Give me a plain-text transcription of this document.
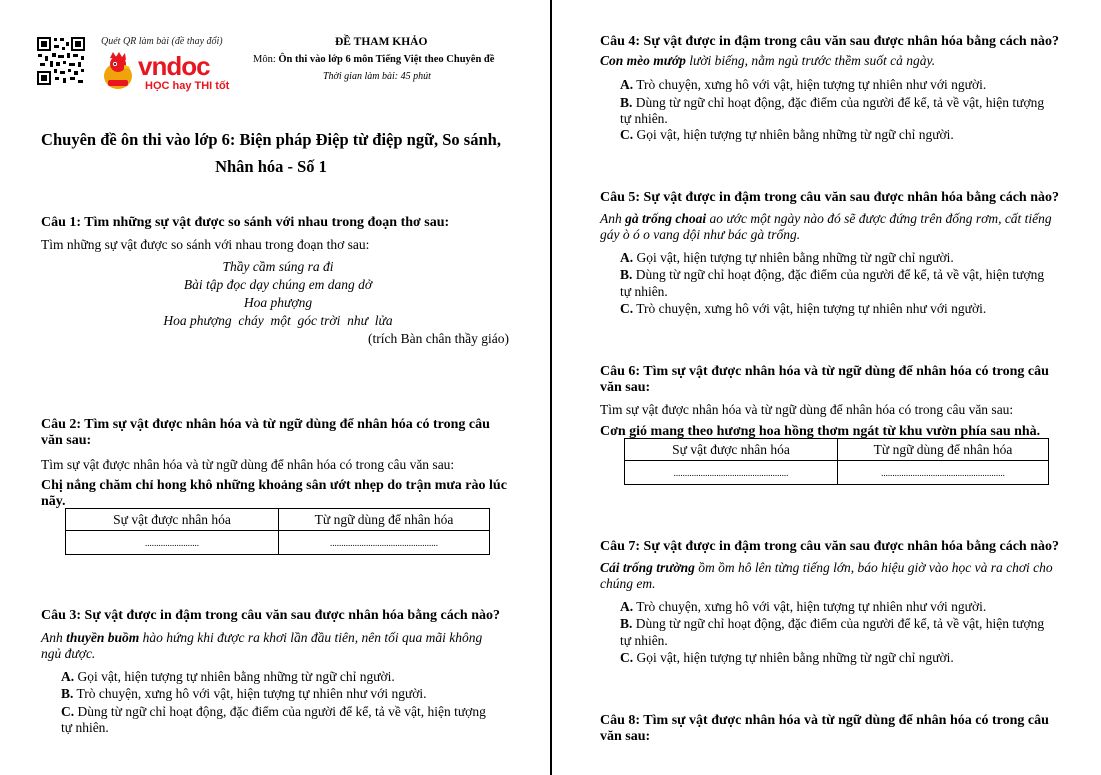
Quét QR làm bài (đề thay đổi)
vndoc
HỌC hay THI tốt
ĐỀ THAM KHẢO
Môn: Ôn thi vào lớp 6 môn Tiếng Việt theo Chuyên đề
Thời gian làm bài: 45 phút
Chuyên đề ôn thi vào lớp 6: Biện pháp Điệp từ điệp ngữ, So sánh,
Nhân hóa - Số 1
Câu 1: Tìm những sự vật được so sánh với nhau trong đoạn thơ sau:
Tìm những sự vật được so sánh với nhau trong đoạn thơ sau:
Thầy cầm súng ra đi
Bài tập đọc dạy chúng em dang dở
Hoa phượng
Hoa phượng  cháy  một  góc trời  như  lửa
(trích Bàn chân thầy giáo)
Câu 2: Tìm sự vật được nhân hóa và từ ngữ dùng để nhân hóa có trong câu
văn sau:
Tìm sự vật được nhân hóa và từ ngữ dùng để nhân hóa có trong câu văn sau:
Chị nắng chăm chỉ hong khô những khoảng sân ướt nhẹp do trận mưa rào lúc
nãy.
Sự vật được nhân hóa	Từ ngữ dùng để nhân hóa
........................	................................................
Câu 3: Sự vật được in đậm trong câu văn sau được nhân hóa bằng cách nào?
Anh thuyền buồm hào hứng khi được ra khơi lần đầu tiên, nên tối qua mãi không
ngủ được.
A. Gọi vật, hiện tượng tự nhiên bằng những từ ngữ chỉ người.
B. Trò chuyện, xưng hô với vật, hiện tượng tự nhiên như với người.
C. Dùng từ ngữ chỉ hoạt động, đặc điểm của người để kể, tả về vật, hiện tượng
tự nhiên.
Câu 4: Sự vật được in đậm trong câu văn sau được nhân hóa bằng cách nào?
Con mèo mướp lười biếng, nằm ngủ trước thềm suốt cả ngày.
A. Trò chuyện, xưng hô với vật, hiện tượng tự nhiên như với người.
B. Dùng từ ngữ chỉ hoạt động, đặc điểm của người để kể, tả về vật, hiện tượng
tự nhiên.
C. Gọi vật, hiện tượng tự nhiên bằng những từ ngữ chỉ người.
Câu 5: Sự vật được in đậm trong câu văn sau được nhân hóa bằng cách nào?
Anh gà trống choai ao ước một ngày nào đó sẽ được đứng trên đống rơm, cất tiếng
gáy ò ó o vang dội như bác gà trống.
A. Gọi vật, hiện tượng tự nhiên bằng những từ ngữ chỉ người.
B. Dùng từ ngữ chỉ hoạt động, đặc điểm của người để kể, tả về vật, hiện tượng
tự nhiên.
C. Trò chuyện, xưng hô với vật, hiện tượng tự nhiên như với người.
Câu 6: Tìm sự vật được nhân hóa và từ ngữ dùng để nhân hóa có trong câu
văn sau:
Tìm sự vật được nhân hóa và từ ngữ dùng để nhân hóa có trong câu văn sau:
Cơn gió mang theo hương hoa hồng thơm ngát từ khu vườn phía sau nhà.
Sự vật được nhân hóa	Từ ngữ dùng để nhân hóa
...................................................	.......................................................
Câu 7: Sự vật được in đậm trong câu văn sau được nhân hóa bằng cách nào?
Cái trống trường ồm ồm hô lên từng tiếng lớn, báo hiệu giờ vào học và ra chơi cho
chúng em.
A. Trò chuyện, xưng hô với vật, hiện tượng tự nhiên như với người.
B. Dùng từ ngữ chỉ hoạt động, đặc điểm của người để kể, tả về vật, hiện tượng
tự nhiên.
C. Gọi vật, hiện tượng tự nhiên bằng những từ ngữ chỉ người.
Câu 8: Tìm sự vật được nhân hóa và từ ngữ dùng để nhân hóa có trong câu
văn sau:
